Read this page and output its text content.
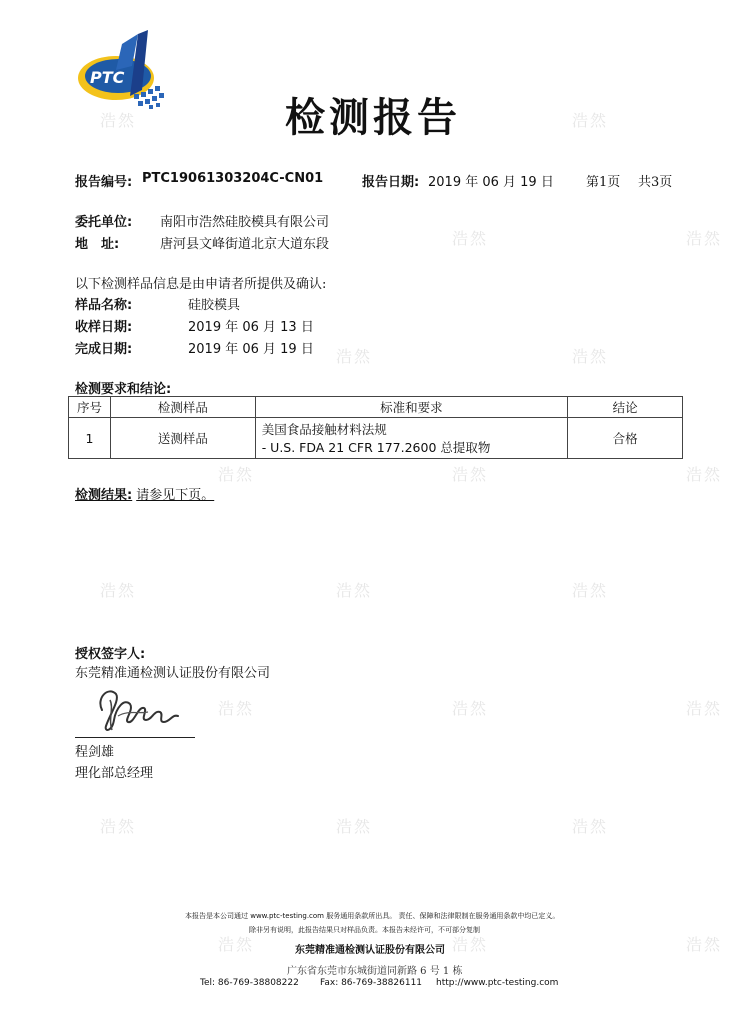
浩然	浩然
浩然	浩然
浩然	浩然
浩然	浩然	浩然
浩然	浩然	浩然
浩然	浩然	浩然
浩然	浩然	浩然
浩然	浩然	浩然
PTC
检测报告
报告编号: PTC19061303204C-CN01	报告日期: 2019 年 06 月 19 日 第1页 共3页
委托单位: 南阳市浩然硅胶模具有限公司
地　址:	唐河县文峰街道北京大道东段
以下检测样品信息是由申请者所提供及确认:
样品名称:	硅胶模具
收样日期:	2019 年 06 月 13 日
完成日期:	2019 年 06 月 19 日
检测要求和结论:
序号	检测样品	标准和要求	结论
1	送测样品	美国食品接触材料法规
- U.S. FDA 21 CFR 177.2600 总提取物	合格
检测结果: 请参见下页。
授权签字人:
东莞精准通检测认证股份有限公司
程剑雄
理化部总经理
本报告是本公司通过 www.ptc-testing.com 服务通用条款所出具。 责任、保障和法律限制在服务通用条款中均已定义。
除非另有说明，此报告结果只对样品负责。本报告未经许可，不可部分复制
东莞精准通检测认证股份有限公司
广东省东莞市东城街道同新路 6 号 1 栋
Tel: 86-769-38808222 Fax: 86-769-38826111 http://www.ptc-testing.com
